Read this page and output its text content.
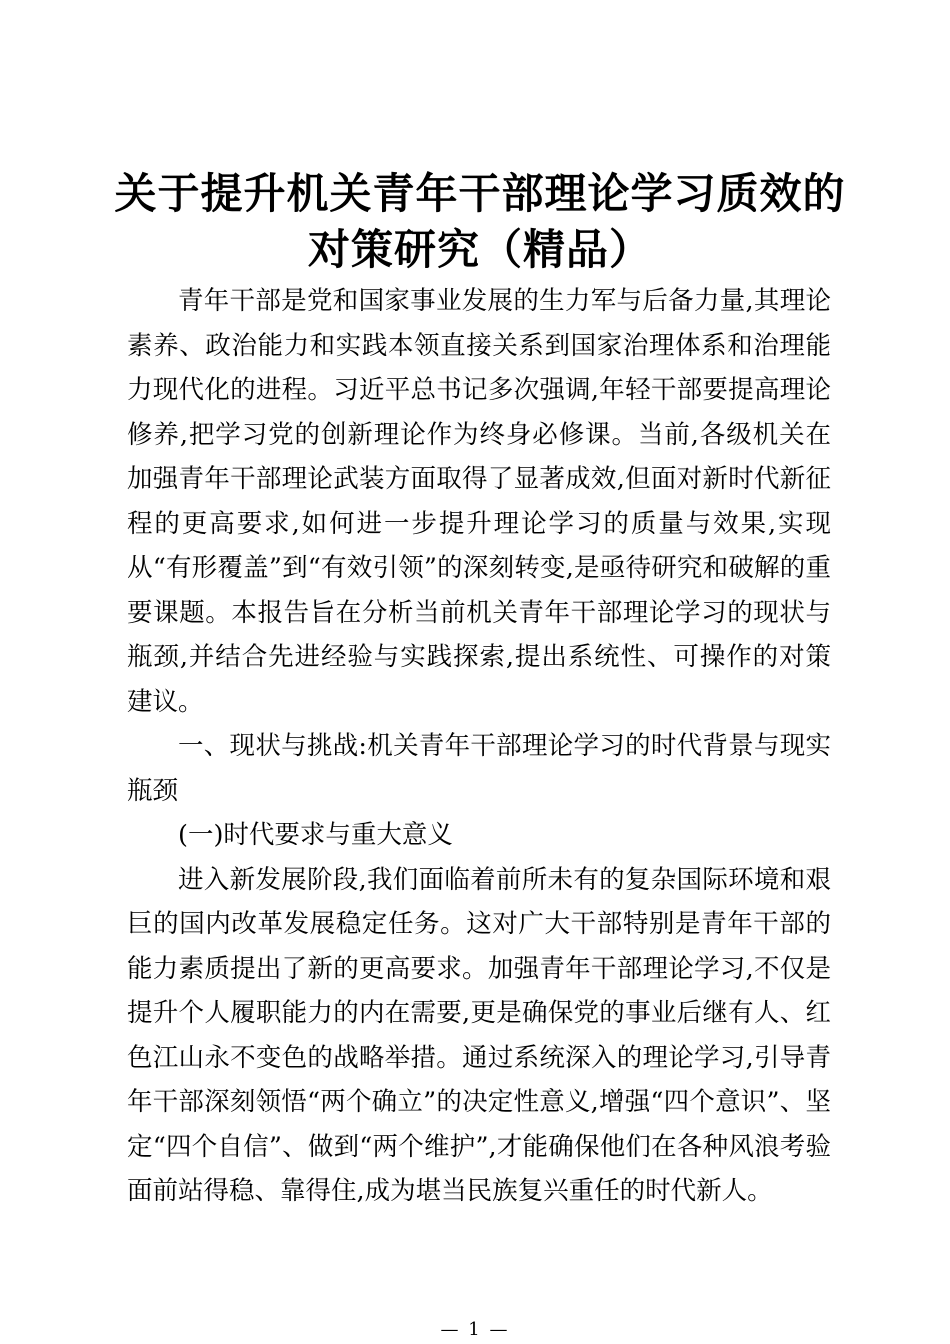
关于提升机关青年干部理论学习质效的对策研究（精品）

青年干部是党和国家事业发展的生力军与后备力量,其理论素养、政治能力和实践本领直接关系到国家治理体系和治理能力现代化的进程。习近平总书记多次强调,年轻干部要提高理论修养,把学习党的创新理论作为终身必修课。当前,各级机关在加强青年干部理论武装方面取得了显著成效,但面对新时代新征程的更高要求,如何进一步提升理论学习的质量与效果,实现从“有形覆盖”到“有效引领”的深刻转变,是亟待研究和破解的重要课题。本报告旨在分析当前机关青年干部理论学习的现状与瓶颈,并结合先进经验与实践探索,提出系统性、可操作的对策建议。

一、现状与挑战:机关青年干部理论学习的时代背景与现实瓶颈

(一)时代要求与重大意义

进入新发展阶段,我们面临着前所未有的复杂国际环境和艰巨的国内改革发展稳定任务。这对广大干部特别是青年干部的能力素质提出了新的更高要求。加强青年干部理论学习,不仅是提升个人履职能力的内在需要,更是确保党的事业后继有人、红色江山永不变色的战略举措。通过系统深入的理论学习,引导青年干部深刻领悟“两个确立”的决定性意义,增强“四个意识”、坚定“四个自信”、做到“两个维护”,才能确保他们在各种风浪考验面前站得稳、靠得住,成为堪当民族复兴重任的时代新人。

— 1 —
